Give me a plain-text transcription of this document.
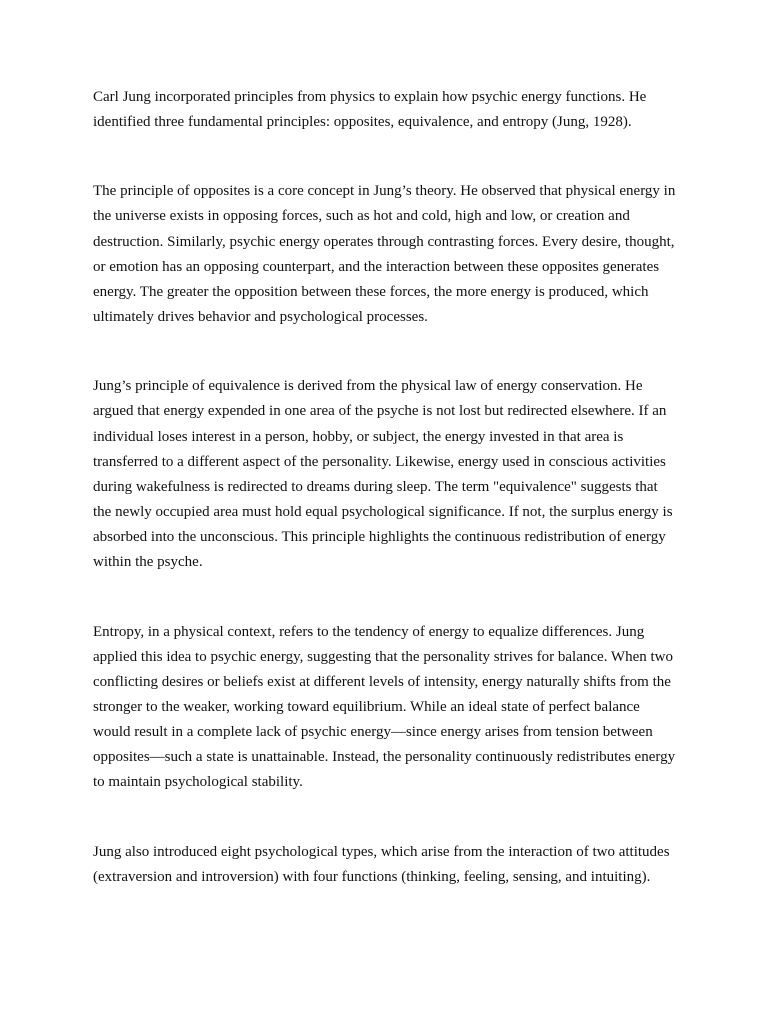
Carl Jung incorporated principles from physics to explain how psychic energy functions. He identified three fundamental principles: opposites, equivalence, and entropy (Jung, 1928).

The principle of opposites is a core concept in Jung’s theory. He observed that physical energy in the universe exists in opposing forces, such as hot and cold, high and low, or creation and destruction. Similarly, psychic energy operates through contrasting forces. Every desire, thought, or emotion has an opposing counterpart, and the interaction between these opposites generates energy. The greater the opposition between these forces, the more energy is produced, which ultimately drives behavior and psychological processes.

Jung’s principle of equivalence is derived from the physical law of energy conservation. He argued that energy expended in one area of the psyche is not lost but redirected elsewhere. If an individual loses interest in a person, hobby, or subject, the energy invested in that area is transferred to a different aspect of the personality. Likewise, energy used in conscious activities during wakefulness is redirected to dreams during sleep. The term "equivalence" suggests that the newly occupied area must hold equal psychological significance. If not, the surplus energy is absorbed into the unconscious. This principle highlights the continuous redistribution of energy within the psyche.

Entropy, in a physical context, refers to the tendency of energy to equalize differences. Jung applied this idea to psychic energy, suggesting that the personality strives for balance. When two conflicting desires or beliefs exist at different levels of intensity, energy naturally shifts from the stronger to the weaker, working toward equilibrium. While an ideal state of perfect balance would result in a complete lack of psychic energy—since energy arises from tension between opposites—such a state is unattainable. Instead, the personality continuously redistributes energy to maintain psychological stability.

Jung also introduced eight psychological types, which arise from the interaction of two attitudes (extraversion and introversion) with four functions (thinking, feeling, sensing, and intuiting).
